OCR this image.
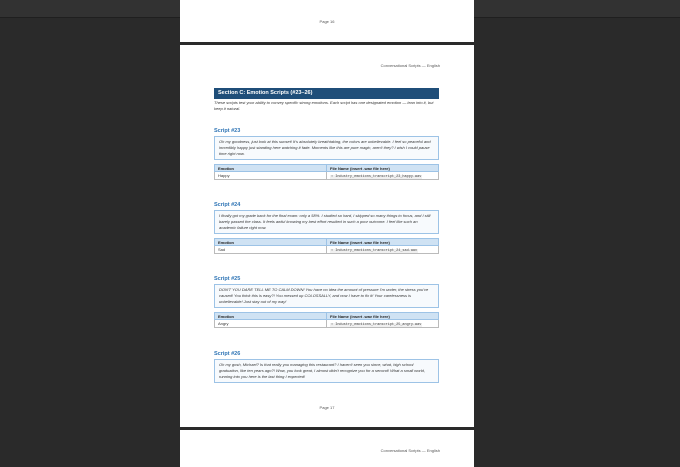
Page 16
Conversational Scripts — English
Section C: Emotion Scripts (#23–26)
These scripts test your ability to convey specific strong emotions. Each script has one designated emotion — lean into it, but keep it natural.
Script #23
Oh my goodness, just look at this sunset! It's absolutely breathtaking, the colors are unbelievable. I feel so peaceful and incredibly happy just standing here watching it fade. Moments like this are pure magic, aren't they? I wish I could pause time right now.
Emotion	File Name (insert .wav file here)
Happy	▪ Industry_emotions_transcript_23_happy.wav
Script #24
I finally got my grade back for the final exam: only a 58%. I studied so hard, I skipped so many things to focus, and I still barely passed the class. It feels awful knowing my best effort resulted in such a poor outcome. I feel like such an academic failure right now.
Emotion	File Name (insert .wav file here)
Sad	▪ Industry_emotions_transcript_24_sad.wav
Script #25
DON'T YOU DARE TELL ME TO CALM DOWN! You have no idea the amount of pressure I'm under, the stress you've caused! You think this is easy?! You messed up COLOSSALLY, and now I have to fix it! Your carelessness is unbelievable! Just stay out of my way!
Emotion	File Name (insert .wav file here)
Angry	▪ Industry_emotions_transcript_25_angry.wav
Script #26
Oh my gosh, Michael? Is that really you managing this restaurant? I haven't seen you since, what, high school graduation, like ten years ago?! Wow, you look great, I almost didn't recognize you for a second! What a small world, running into you here is the last thing I expected!
Page 17
Conversational Scripts — English
